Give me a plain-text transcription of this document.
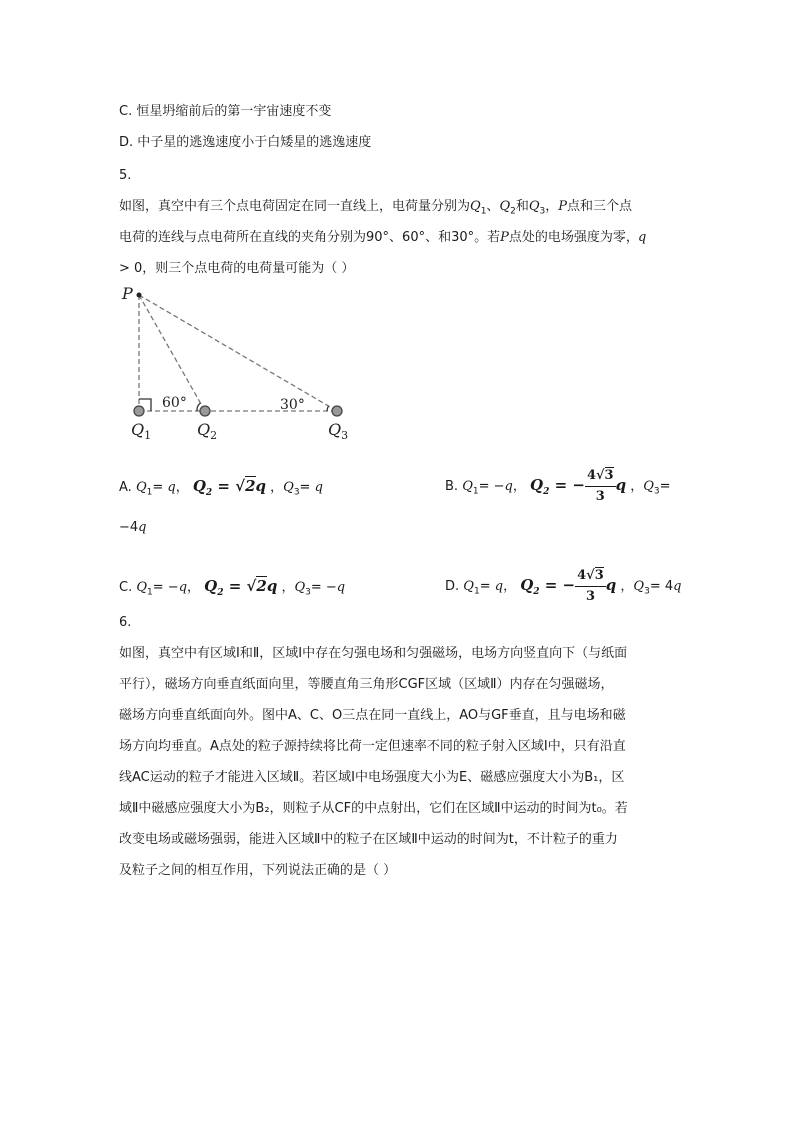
C. 恒星坍缩前后的第一宇宙速度不变
D. 中子星的逃逸速度小于白矮星的逃逸速度
5.
如图，真空中有三个点电荷固定在同一直线上，电荷量分别为$Q_1$、$Q_2$和$Q_3$，P点和三个点
电荷的连线与点电荷所在直线的夹角分别为90°、60°、和30°。若P点处的电场强度为零， q
> 0，则三个点电荷的电荷量可能为（ ）
P
60°	30°
$Q_1$	$Q_2$	$Q_3$
A. $Q_1= q$， $Q_2 = √2q$ ，$Q_3= q$	B. $Q_1= -q$， $Q_2$ = − $\frac{4√3}{3}$ q ，$Q_3=$
−4q
C. $Q_1= -q$， $Q_2 = √2q$ ，$Q_3= -q$	D. $Q_1= q$， $Q_2$ = − $\frac{4√3}{3}$ q ，$Q_3= 4q$
6.
如图，真空中有区域Ⅰ和Ⅱ，区域Ⅰ中存在匀强电场和匀强磁场，电场方向竖直向下（与纸面
平行），磁场方向垂直纸面向里，等腰直角三角形CGF区域（区域Ⅱ）内存在匀强磁场，
磁场方向垂直纸面向外。图中A、C、O三点在同一直线上，AO与GF垂直，且与电场和磁
场方向均垂直。A点处的粒子源持续将比荷一定但速率不同的粒子射入区域Ⅰ中，只有沿直
线AC运动的粒子才能进入区域Ⅱ。若区域Ⅰ中电场强度大小为E、磁感应强度大小为B₁，区
域Ⅱ中磁感应强度大小为B₂，则粒子从CF的中点射出，它们在区域Ⅱ中运动的时间为t₀。若
改变电场或磁场强弱，能进入区域Ⅱ中的粒子在区域Ⅱ中运动的时间为t，不计粒子的重力
及粒子之间的相互作用，下列说法正确的是（ ）
